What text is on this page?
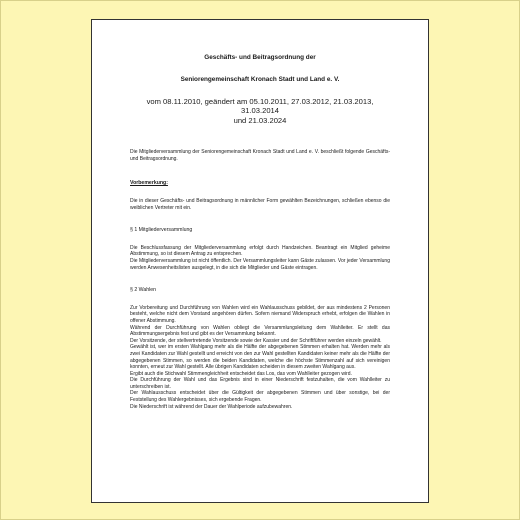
Geschäfts- und Beitragsordnung der
Seniorengemeinschaft Kronach Stadt und Land e. V.
vom 08.11.2010, geändert am 05.10.2011, 27.03.2012, 21.03.2013, 31.03.2014
und 21.03.2024

Die Mitgliederversammlung der Seniorengemeinschaft Kronach Stadt und Land e. V. beschließt folgende Geschäfts- und Beitragsordnung.

Vorbemerkung:

Die in dieser Geschäfts- und Beitragsordnung in männlicher Form gewählten Bezeichnungen, schließen ebenso die weiblichen Vertreter mit ein.

§ 1 Mitgliederversammlung

Die Beschlussfassung der Mitgliederversammlung erfolgt durch Handzeichen. Beantragt ein Mitglied geheime Abstimmung, so ist diesem Antrag zu entsprechen.

Die Mitgliederversammlung ist nicht öffentlich. Der Versammlungsleiter kann Gäste zulassen. Vor jeder Versammlung werden Anwesenheitslisten ausgelegt, in die sich die Mitglieder und Gäste eintragen.

§ 2 Wahlen

Zur Vorbereitung und Durchführung von Wahlen wird ein Wahlausschuss gebildet, der aus mindestens 2 Personen besteht, welche nicht dem Vorstand angehören dürfen. Sofern niemand Widerspruch erhebt, erfolgen die Wahlen in offener Abstimmung.

Während der Durchführung von Wahlen obliegt die Versammlungsleitung dem Wahlleiter. Er stellt das Abstimmungsergebnis fest und gibt es der Versammlung bekannt.

Der Vorsitzende, der stellvertretende Vorsitzende sowie der Kassier und der Schriftführer werden einzeln gewählt.

Gewählt ist, wer im ersten Wahlgang mehr als die Hälfte der abgegebenen Stimmen erhalten hat. Werden mehr als zwei Kandidaten zur Wahl gestellt und erreicht von den zur Wahl gestellten Kandidaten keiner mehr als die Hälfte der abgegebenen Stimmen, so werden die beiden Kandidaten, welche die höchste Stimmenzahl auf sich vereinigen konnten, erneut zur Wahl gestellt. Alle übrigen Kandidaten scheiden in diesem zweiten Wahlgang aus.

Ergibt auch die Stichwahl Stimmengleichheit entscheidet das Los, das vom Wahlleiter gezogen wird.

Die Durchführung der Wahl und das Ergebnis sind in einer Niederschrift festzuhalten, die vom Wahlleiter zu unterschreiben ist.

Der Wahlausschuss entscheidet über die Gültigkeit der abgegebenen Stimmen und über sonstige, bei der Feststellung des Wahlergebnisses, sich ergebende Fragen.

Die Niederschrift ist während der Dauer der Wahlperiode aufzubewahren.
